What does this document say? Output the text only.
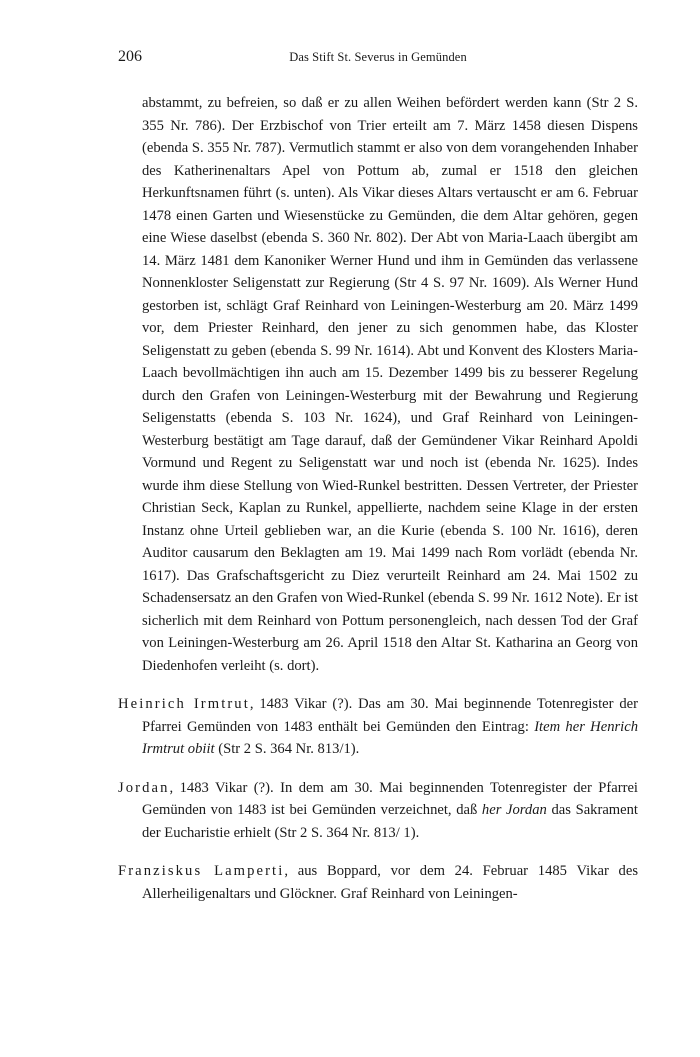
206	Das Stift St. Severus in Gemünden

abstammt, zu befreien, so daß er zu allen Weihen befördert werden kann (Str 2 S. 355 Nr. 786). Der Erzbischof von Trier erteilt am 7. März 1458 diesen Dispens (ebenda S. 355 Nr. 787). Vermutlich stammt er also von dem vorangehenden Inhaber des Katherinenaltars Apel von Pottum ab, zumal er 1518 den gleichen Herkunftsnamen führt (s. unten). Als Vikar dieses Altars vertauscht er am 6. Februar 1478 einen Garten und Wiesenstücke zu Gemünden, die dem Altar gehören, gegen eine Wiese daselbst (ebenda S. 360 Nr. 802). Der Abt von Maria-Laach übergibt am 14. März 1481 dem Kanoniker Werner Hund und ihm in Gemünden das verlassene Nonnenkloster Seligenstatt zur Regierung (Str 4 S. 97 Nr. 1609). Als Werner Hund gestorben ist, schlägt Graf Reinhard von Leiningen-Westerburg am 20. März 1499 vor, dem Priester Reinhard, den jener zu sich genommen habe, das Kloster Seligenstatt zu geben (ebenda S. 99 Nr. 1614). Abt und Konvent des Klosters Maria-Laach bevollmächtigen ihn auch am 15. Dezember 1499 bis zu besserer Regelung durch den Grafen von Leiningen-Westerburg mit der Bewahrung und Regierung Seligenstatts (ebenda S. 103 Nr. 1624), und Graf Reinhard von Leiningen-Westerburg bestätigt am Tage darauf, daß der Gemündener Vikar Reinhard Apoldi Vormund und Regent zu Seligenstatt war und noch ist (ebenda Nr. 1625). Indes wurde ihm diese Stellung von Wied-Runkel bestritten. Dessen Vertreter, der Priester Christian Seck, Kaplan zu Runkel, appellierte, nachdem seine Klage in der ersten Instanz ohne Urteil geblieben war, an die Kurie (ebenda S. 100 Nr. 1616), deren Auditor causarum den Beklagten am 19. Mai 1499 nach Rom vorlädt (ebenda Nr. 1617). Das Grafschaftsgericht zu Diez verurteilt Reinhard am 24. Mai 1502 zu Schadensersatz an den Grafen von Wied-Runkel (ebenda S. 99 Nr. 1612 Note). Er ist sicherlich mit dem Reinhard von Pottum personengleich, nach dessen Tod der Graf von Leiningen-Westerburg am 26. April 1518 den Altar St. Katharina an Georg von Diedenhofen verleiht (s. dort).

Heinrich Irmtrut, 1483 Vikar (?). Das am 30. Mai beginnende Totenregister der Pfarrei Gemünden von 1483 enthält bei Gemünden den Eintrag: Item her Henrich Irmtrut obiit (Str 2 S. 364 Nr. 813/1).

Jordan, 1483 Vikar (?). In dem am 30. Mai beginnenden Totenregister der Pfarrei Gemünden von 1483 ist bei Gemünden verzeichnet, daß her Jordan das Sakrament der Eucharistie erhielt (Str 2 S. 364 Nr. 813/ 1).

Franziskus Lamperti, aus Boppard, vor dem 24. Februar 1485 Vikar des Allerheiligenaltars und Glöckner. Graf Reinhard von Leiningen-
